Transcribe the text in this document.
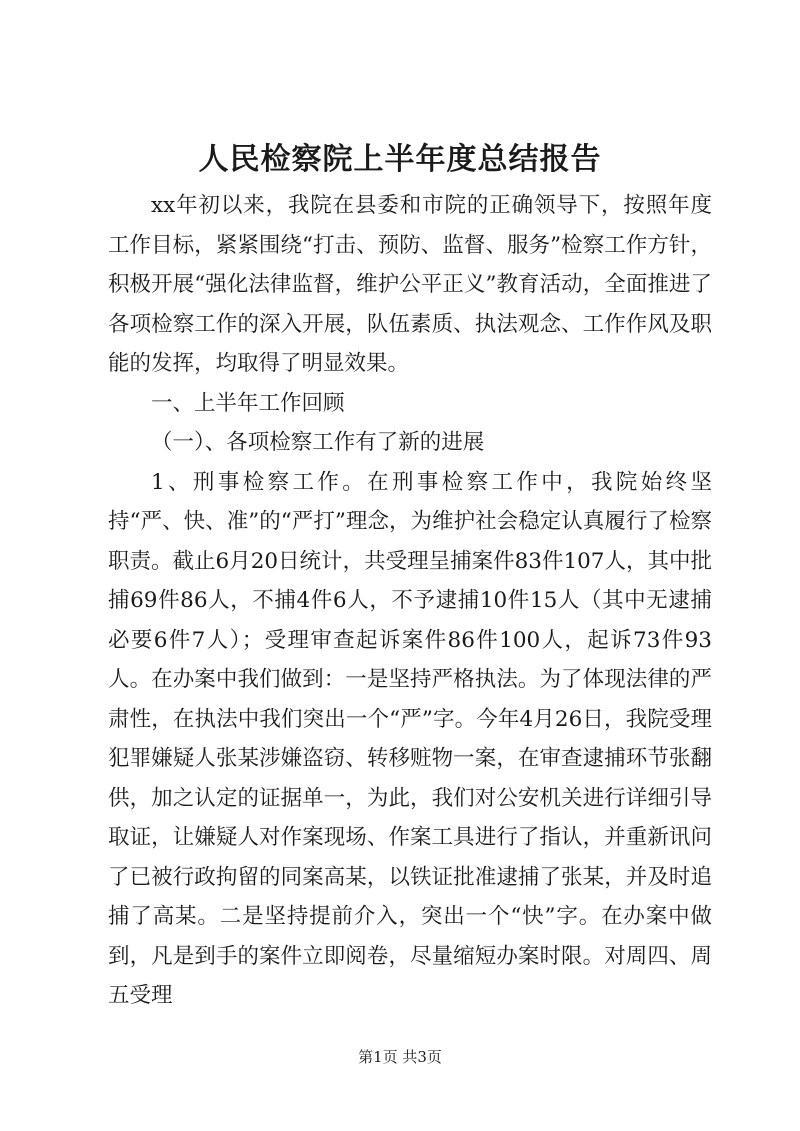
人民检察院上半年度总结报告

xx年初以来，我院在县委和市院的正确领导下，按照年度工作目标，紧紧围绕“打击、预防、监督、服务”检察工作方针，积极开展“强化法律监督，维护公平正义”教育活动，全面推进了各项检察工作的深入开展，队伍素质、执法观念、工作作风及职能的发挥，均取得了明显效果。

一、上半年工作回顾

（一）、各项检察工作有了新的进展

1、刑事检察工作。在刑事检察工作中，我院始终坚持“严、快、准”的“严打”理念，为维护社会稳定认真履行了检察职责。截止6月20日统计，共受理呈捕案件83件107人，其中批捕69件86人，不捕4件6人，不予逮捕10件15人（其中无逮捕必要6件7人）；受理审查起诉案件86件100人，起诉73件93人。在办案中我们做到：一是坚持严格执法。为了体现法律的严肃性，在执法中我们突出一个“严”字。今年4月26日，我院受理犯罪嫌疑人张某涉嫌盗窃、转移赃物一案，在审查逮捕环节张翻供，加之认定的证据单一，为此，我们对公安机关进行详细引导取证，让嫌疑人对作案现场、作案工具进行了指认，并重新讯问了已被行政拘留的同案高某，以铁证批准逮捕了张某，并及时追捕了高某。二是坚持提前介入，突出一个“快”字。在办案中做到，凡是到手的案件立即阅卷，尽量缩短办案时限。对周四、周五受理

第1页 共3页
